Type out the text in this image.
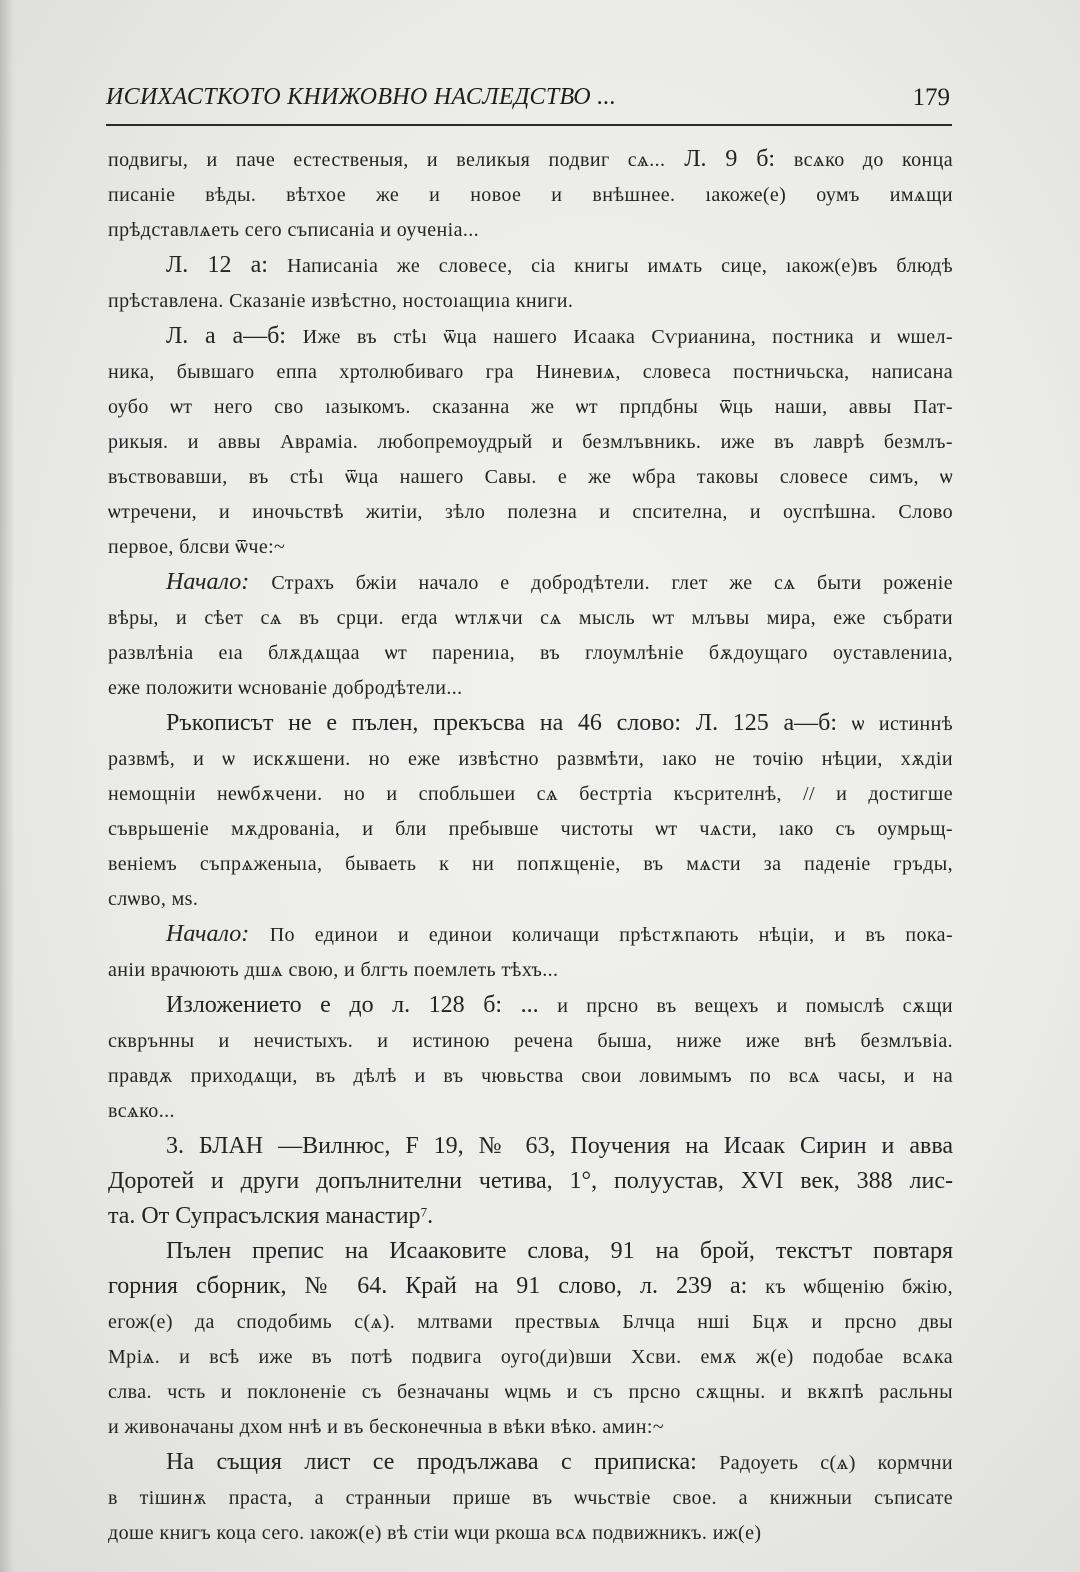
ИСИХАСТКОТО КНИЖОВНО НАСЛЕДСТВО ...	179
подвигы, и паче естественыя, и великыя подвиг сѧ... Л. 9 б: всѧко до конца
писаніе вѣды. вѣтхое же и новое и внѣшнее. ıакоже(е) оумъ имѧщи
прѣдставлѧеть сего съписаніа и оученіа...
Л. 12 а: Написаніа же словесе, сіа книгы имѧть сице, ıакож(е)въ блюдѣ
прѣставлена. Сказаніе извѣстно, ностоıащиıа книги.
Л. а а—б: Иже въ стҍı ѿца нашего Исаака Сѵрианина, постника и ѡшел-
ника, бывшаго еппа хртолюбиваго гра Ниневиѧ, словеса постничьска, написана
оубо ѡт него сво ıазыкомъ. сказанна же ѡт прпдбны ѿць наши, аввы Пат-
рикыя. и аввы Авраміа. любопремоудрый и безмлъвникь. иже въ лаврѣ безмлъ-
въствовавши, въ стҍı ѿца нашего Савы. е же ѡбра таковы словесе симъ, ѡ
ѡтречени, и иночьствѣ житіи, зѣло полезна и спсителна, и оуспѣшна. Слово
первое, блсви ѿче:~
Начало: Страхъ бжіи начало е добродѣтели. глет же сѧ быти роженіе
вѣры, и сѣет сѧ въ срци. егда ѡтлѫчи сѧ мысль ѡт млъвы мира, еже събрати
развлѣніа еıа блѫдѧщаа ѡт парениıа, въ глоумлѣніе бѫдоущаго оуставлениıа,
еже положити ѡснованіе добродѣтели...
Ръкописът не е пълен, прекъсва на 46 слово: Л. 125 а—б: ѡ истиннѣ
развмѣ, и ѡ искѫшени. но еже извѣстно развмѣти, ıако не точію нѣции, хѫдіи
немощніи неѡбѫчени. но и спобльшеи сѧ бестртіа късрителнѣ, // и достигше
съврьшеніе мѫдрованіа, и бли пребывше чистоты ѡт чѧсти, ıако съ оумрьщ-
веніемъ съпрѧженыıа, бываеть к ни попѫщеніе, въ мѧсти за паденіе гръды,
слѡво, мѕ.
Начало: По единои и единои количащи прѣстѫпають нѣціи, и въ пока-
аніи врачюють дшѧ свою, и блгть поемлеть тѣхъ...
Изложението е до л. 128 б: ... и прсно въ вещехъ и помыслѣ сѫщи
скврънны и нечистыхъ. и истиною речена быша, ниже иже внѣ безмлъвіа.
правдѫ приходѧщи, въ дѣлѣ и въ чювьства свои ловимымъ по всѧ часы, и на
всѧко...
3. БЛАН —Вилнюс, F 19, № 63, Поучения на Исаак Сирин и авва
Доротей и други допълнителни четива, 1°, полуустав, XVI век, 388 лис-
та. От Супрасълския манастир$^7$.
Пълен препис на Исааковите слова, 91 на брой, текстът повтаря
горния сборник, № 64. Край на 91 слово, л. 239 а: къ ѡбщенію бжію,
егож(е) да сподобимь с(ѧ). млтвами прествыѧ Блчца нші Бцѫ и прсно двы
Мріѧ. и всѣ иже въ потѣ подвига оуго(ди)вши Хсви. емѫ ж(е) подобае всѧка
слва. чсть и поклоненіе съ безначаны ѡцмь и съ прсно сѫщны. и вкѫпѣ расльны
и живоначаны дхом ннѣ и въ бесконечныа в вѣки вѣко. амин:~
На същия лист се продължава с приписка: Радоуеть с(ѧ) кормчни
в тішинѫ праста, а странныи прише въ ѡчьствіе свое. а книжныи съписате
доше книгъ коца сего. ıакож(е) вѣ стіи ѡци ркоша всѧ подвижникъ. иж(е)
